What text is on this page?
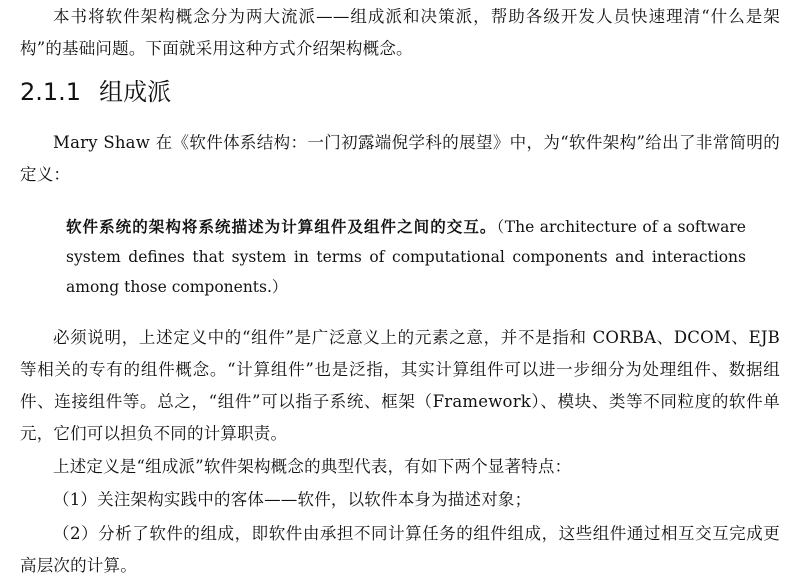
本书将软件架构概念分为两大流派——组成派和决策派，帮助各级开发人员快速理清“什么是架构”的基础问题。下面就采用这种方式介绍架构概念。

2.1.1 组成派

Mary Shaw 在《软件体系结构：一门初露端倪学科的展望》中，为“软件架构”给出了非常简明的定义：

软件系统的架构将系统描述为计算组件及组件之间的交互。（The architecture of a software system defines that system in terms of computational components and interactions among those components.）

必须说明，上述定义中的“组件”是广泛意义上的元素之意，并不是指和 CORBA、DCOM、EJB 等相关的专有的组件概念。“计算组件”也是泛指，其实计算组件可以进一步细分为处理组件、数据组件、连接组件等。总之，“组件”可以指子系统、框架（Framework）、模块、类等不同粒度的软件单元，它们可以担负不同的计算职责。

上述定义是“组成派”软件架构概念的典型代表，有如下两个显著特点：

（1）关注架构实践中的客体——软件，以软件本身为描述对象；

（2）分析了软件的组成，即软件由承担不同计算任务的组件组成，这些组件通过相互交互完成更高层次的计算。
